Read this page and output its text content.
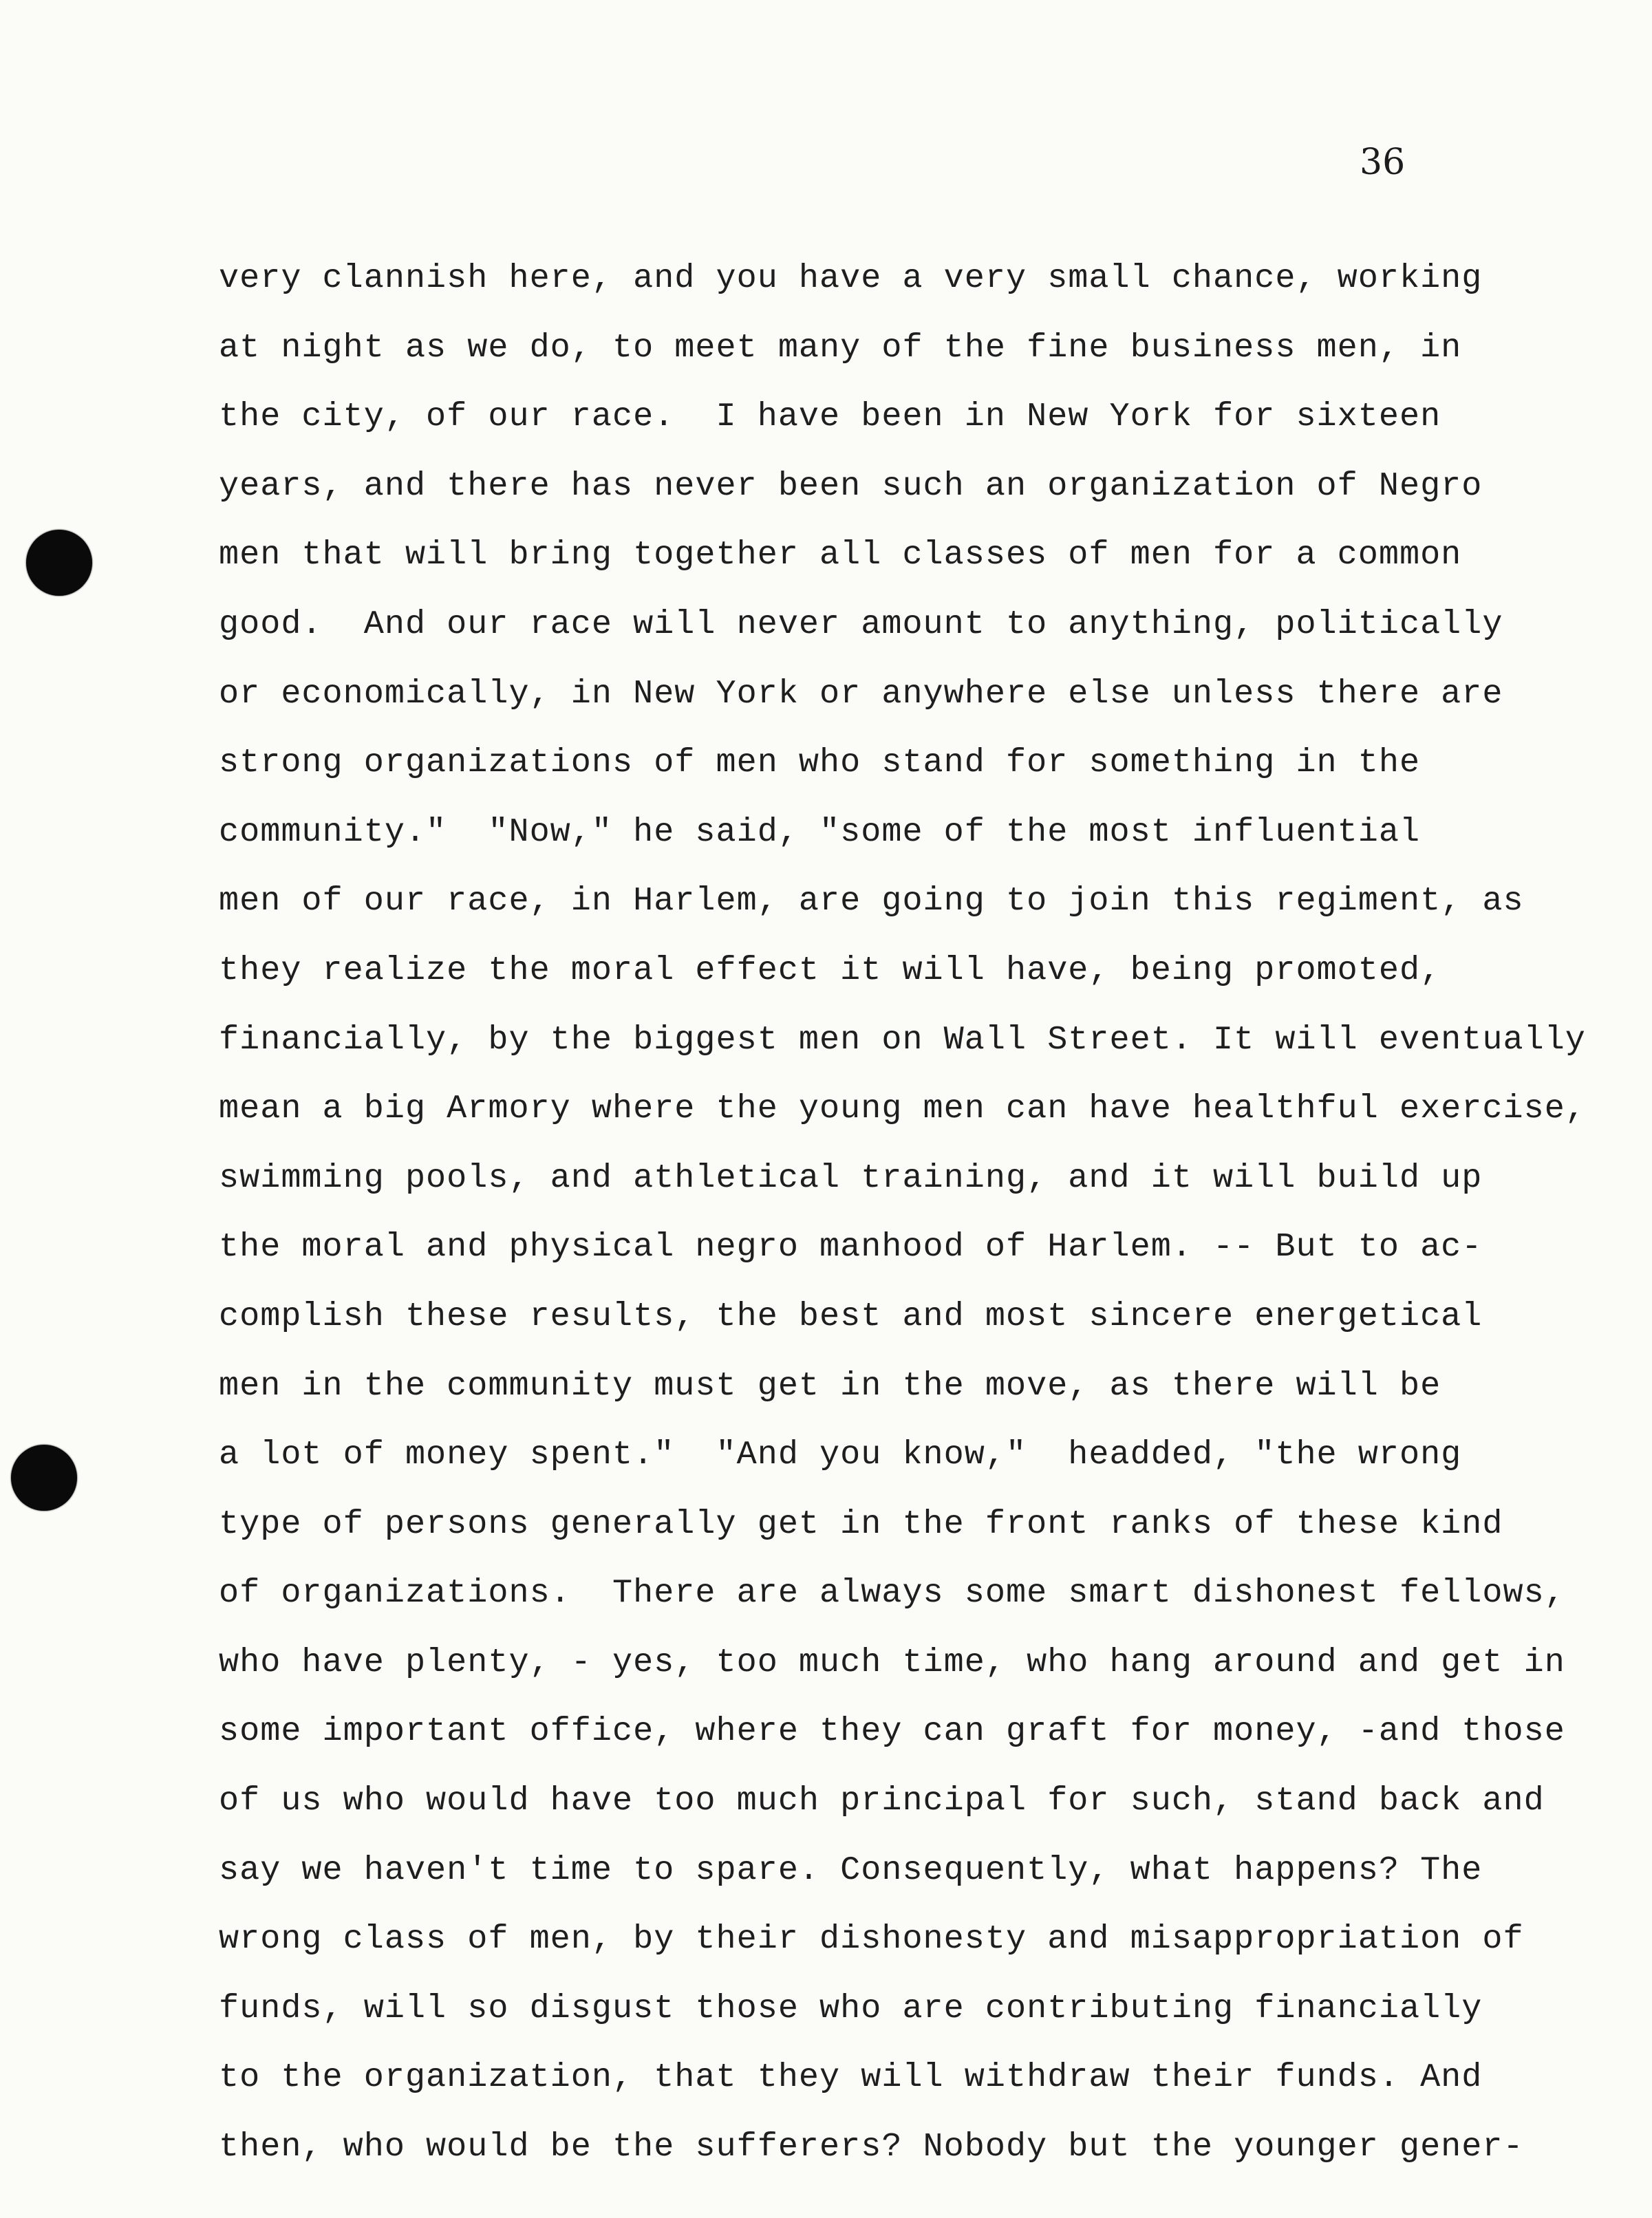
36
very clannish here, and you have a very small chance, working
at night as we do, to meet many of the fine business men, in
the city, of our race.  I have been in New York for sixteen
years, and there has never been such an organization of Negro
men that will bring together all classes of men for a common
good.  And our race will never amount to anything, politically
or economically, in New York or anywhere else unless there are
strong organizations of men who stand for something in the
community."  "Now," he said, "some of the most influential
men of our race, in Harlem, are going to join this regiment, as
they realize the moral effect it will have, being promoted,
financially, by the biggest men on Wall Street. It will eventually
mean a big Armory where the young men can have healthful exercise,
swimming pools, and athletical training, and it will build up
the moral and physical negro manhood of Harlem. -- But to ac-
complish these results, the best and most sincere energetical
men in the community must get in the move, as there will be
a lot of money spent."  "And you know,"  headded, "the wrong
type of persons generally get in the front ranks of these kind
of organizations.  There are always some smart dishonest fellows,
who have plenty, - yes, too much time, who hang around and get in
some important office, where they can graft for money, -and those
of us who would have too much principal for such, stand back and
say we haven't time to spare. Consequently, what happens? The
wrong class of men, by their dishonesty and misappropriation of
funds, will so disgust those who are contributing financially
to the organization, that they will withdraw their funds. And
then, who would be the sufferers? Nobody but the younger gener-
